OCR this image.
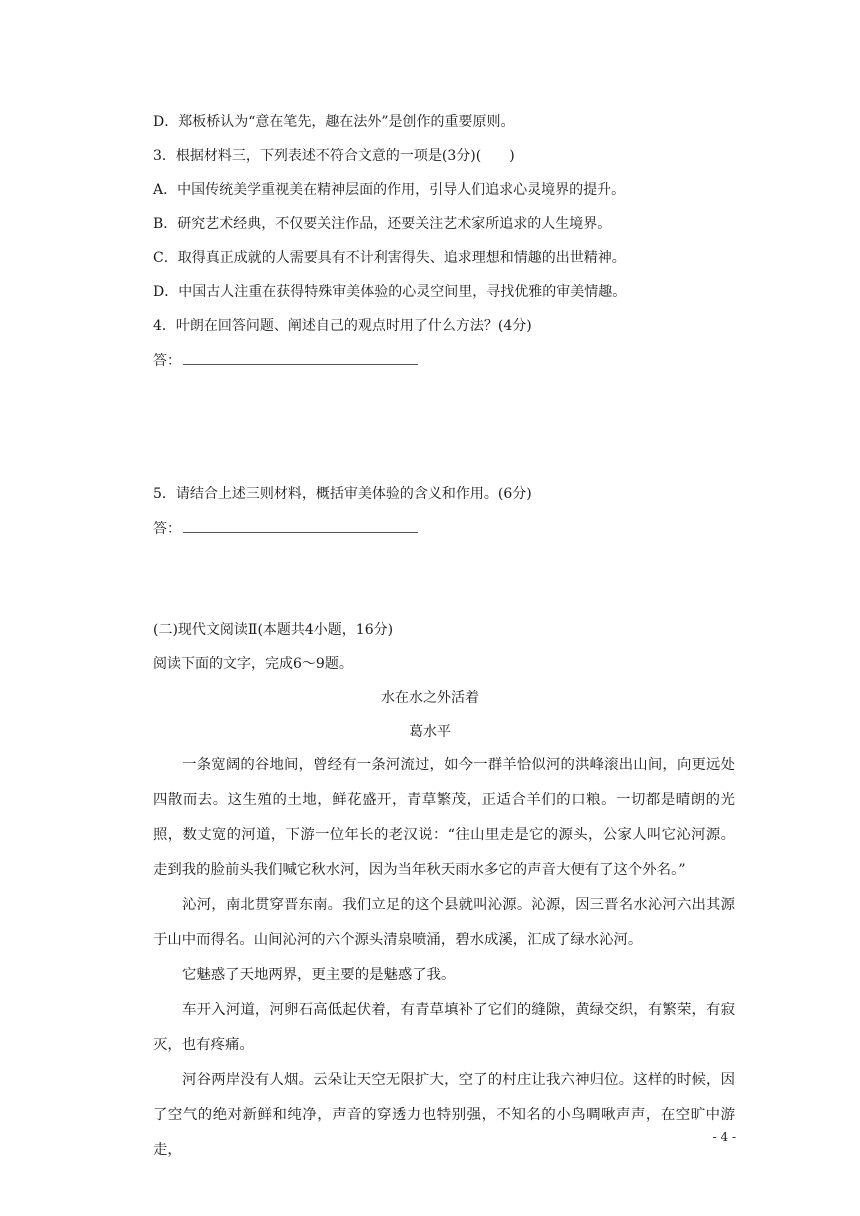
D．郑板桥认为“意在笔先，趣在法外”是创作的重要原则。
3．根据材料三，下列表述不符合文意的一项是(3分)(　　)
A．中国传统美学重视美在精神层面的作用，引导人们追求心灵境界的提升。
B．研究艺术经典，不仅要关注作品，还要关注艺术家所追求的人生境界。
C．取得真正成就的人需要具有不计利害得失、追求理想和情趣的出世精神。
D．中国古人注重在获得特殊审美体验的心灵空间里，寻找优雅的审美情趣。
4．叶朗在回答问题、阐述自己的观点时用了什么方法？(4分)
答：
5．请结合上述三则材料，概括审美体验的含义和作用。(6分)
答：
(二)现代文阅读Ⅱ(本题共4小题，16分)
阅读下面的文字，完成6～9题。
水在水之外活着
葛水平
一条宽阔的谷地间，曾经有一条河流过，如今一群羊恰似河的洪峰滚出山间，向更远处四散而去。这生殖的土地，鲜花盛开，青草繁茂，正适合羊们的口粮。一切都是晴朗的光照，数丈宽的河道，下游一位年长的老汉说：“往山里走是它的源头，公家人叫它沁河源。走到我的脸前头我们喊它秋水河，因为当年秋天雨水多它的声音大便有了这个外名。”
沁河，南北贯穿晋东南。我们立足的这个县就叫沁源。沁源，因三晋名水沁河六出其源于山中而得名。山间沁河的六个源头清泉喷涌，碧水成溪，汇成了绿水沁河。
它魅惑了天地两界，更主要的是魅惑了我。
车开入河道，河卵石高低起伏着，有青草填补了它们的缝隙，黄绿交织，有繁荣，有寂灭，也有疼痛。
河谷两岸没有人烟。云朵让天空无限扩大，空了的村庄让我六神归位。这样的时候，因了空气的绝对新鲜和纯净，声音的穿透力也特别强，不知名的小鸟啁啾声声，在空旷中游走，
- 4 -
